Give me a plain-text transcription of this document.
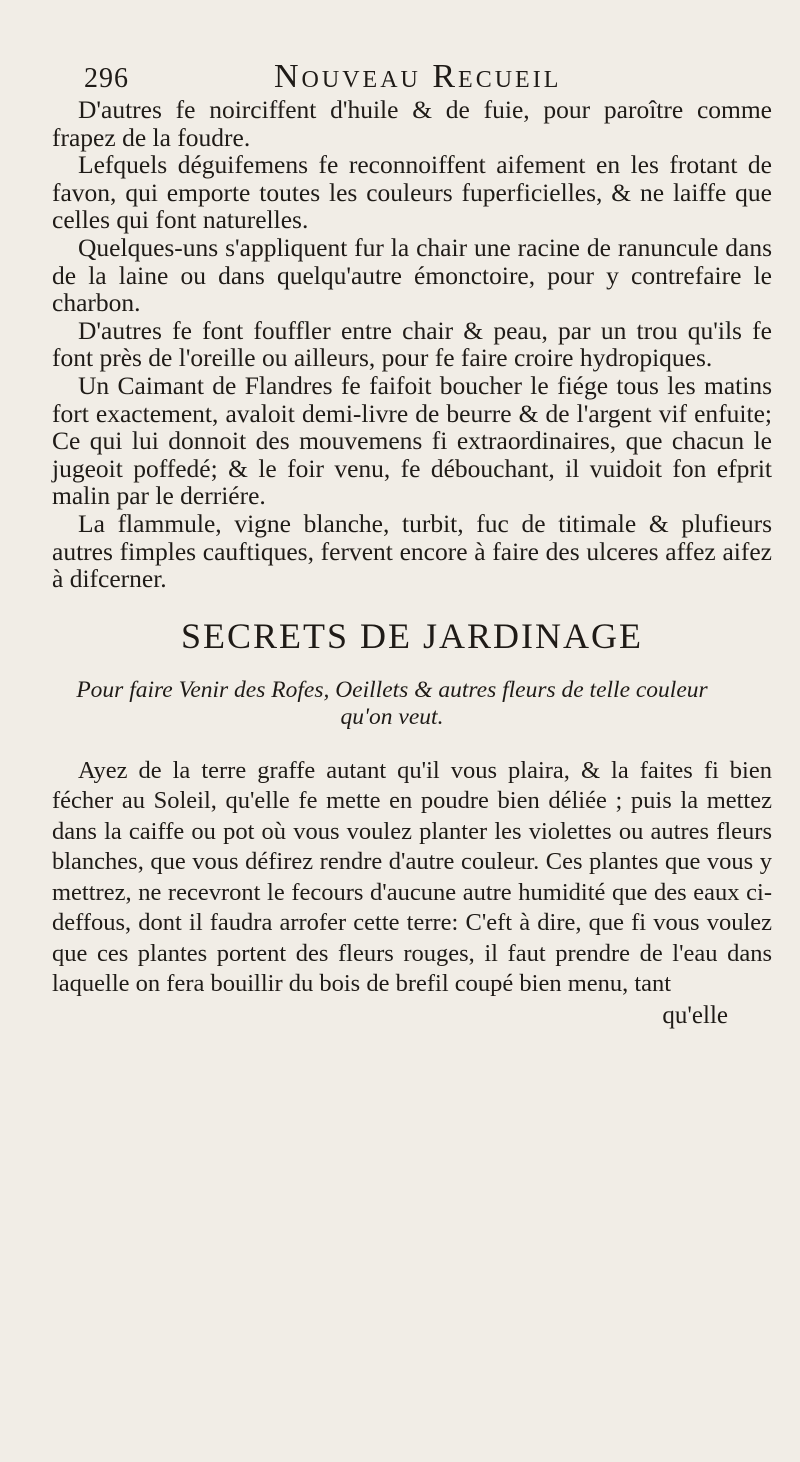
296	Nouveau Recueil

D'autres fe noirciffent d'huile & de fuie, pour paroître comme frapez de la foudre.

Lefquels déguifemens fe reconnoiffent aifement en les frotant de favon, qui emporte toutes les couleurs fuperficielles, & ne laiffe que celles qui font naturelles.

Quelques-uns s'appliquent fur la chair une racine de ranuncule dans de la laine ou dans quelqu'autre émonctoire, pour y contrefaire le charbon.

D'autres fe font fouffler entre chair & peau, par un trou qu'ils fe font près de l'oreille ou ailleurs, pour fe faire croire hydropiques.

Un Caimant de Flandres fe faifoit boucher le fiége tous les matins fort exactement, avaloit demi-livre de beurre & de l'argent vif enfuite; Ce qui lui donnoit des mouvemens fi extraordinaires, que chacun le jugeoit poffedé; & le foir venu, fe débouchant, il vuidoit fon efprit malin par le derriére.

La flammule, vigne blanche, turbit, fuc de titimale & plufieurs autres fimples cauftiques, fervent encore à faire des ulceres affez aifez à difcerner.

SECRETS DE JARDINAGE

Pour faire Venir des Rofes, Oeillets & autres fleurs de telle couleur qu'on veut.

Ayez de la terre graffe autant qu'il vous plaira, & la faites fi bien fécher au Soleil, qu'elle fe mette en poudre bien déliée ; puis la mettez dans la caiffe ou pot où vous voulez planter les violettes ou autres fleurs blanches, que vous défirez rendre d'autre couleur. Ces plantes que vous y mettrez, ne recevront le fecours d'aucune autre humidité que des eaux ci-deffous, dont il faudra arrofer cette terre: C'eft à dire, que fi vous voulez que ces plantes portent des fleurs rouges, il faut prendre de l'eau dans laquelle on fera bouillir du bois de brefil coupé bien menu, tant

qu'elle
